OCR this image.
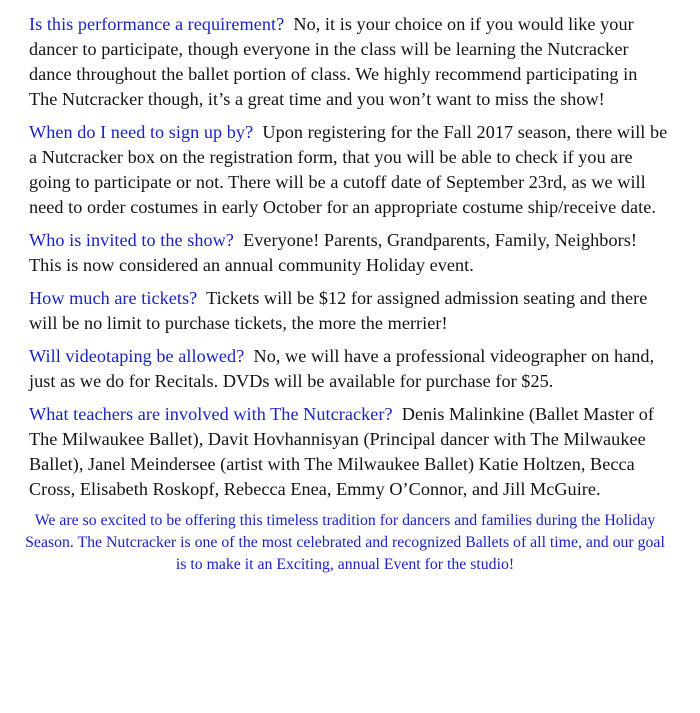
Is this performance a requirement? No, it is your choice on if you would like your dancer to participate, though everyone in the class will be learning the Nutcracker dance throughout the ballet portion of class. We highly recommend participating in The Nutcracker though, it’s a great time and you won’t want to miss the show!

When do I need to sign up by? Upon registering for the Fall 2017 season, there will be a Nutcracker box on the registration form, that you will be able to check if you are going to participate or not. There will be a cutoff date of September 23rd, as we will need to order costumes in early October for an appropriate costume ship/receive date.

Who is invited to the show? Everyone! Parents, Grandparents, Family, Neighbors! This is now considered an annual community Holiday event.

How much are tickets? Tickets will be $12 for assigned admission seating and there will be no limit to purchase tickets, the more the merrier!

Will videotaping be allowed? No, we will have a professional videographer on hand, just as we do for Recitals. DVDs will be available for purchase for $25.

What teachers are involved with The Nutcracker? Denis Malinkine (Ballet Master of The Milwaukee Ballet), Davit Hovhannisyan (Principal dancer with The Milwaukee Ballet), Janel Meindersee (artist with The Milwaukee Ballet) Katie Holtzen, Becca Cross, Elisabeth Roskopf, Rebecca Enea, Emmy O’Connor, and Jill McGuire.

We are so excited to be offering this timeless tradition for dancers and families during the Holiday Season. The Nutcracker is one of the most celebrated and recognized Ballets of all time, and our goal is to make it an Exciting, annual Event for the studio!
